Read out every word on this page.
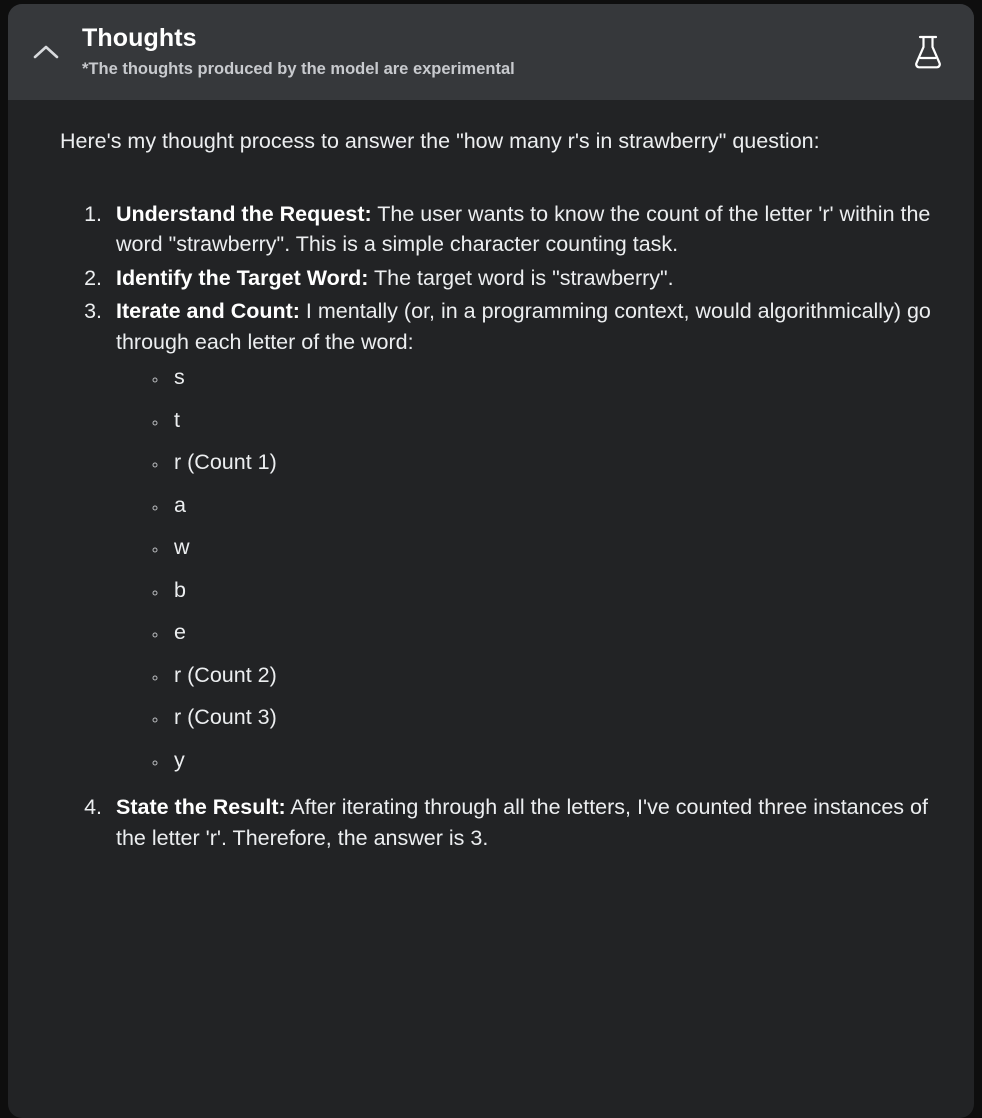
Thoughts
*The thoughts produced by the model are experimental

Here's my thought process to answer the "how many r's in strawberry" question:

1. Understand the Request: The user wants to know the count of the letter 'r' within the word "strawberry". This is a simple character counting task.
2. Identify the Target Word: The target word is "strawberry".
3. Iterate and Count: I mentally (or, in a programming context, would algorithmically) go through each letter of the word:
◦ s
◦ t
◦ r (Count 1)
◦ a
◦ w
◦ b
◦ e
◦ r (Count 2)
◦ r (Count 3)
◦ y
4. State the Result: After iterating through all the letters, I've counted three instances of the letter 'r'. Therefore, the answer is 3.
